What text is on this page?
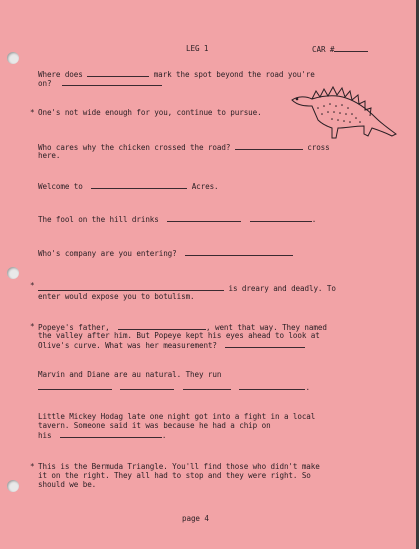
LEG 1	CAR #
Where does	mark the spot beyond the road you're
on?
* One's not wide enough for you, continue to pursue.
Who cares why the chicken crossed the road?	cross
here.
Welcome to	Acres.
The fool on the hill drinks	.
Who's company are you entering?
*	is dreary and deadly. To
enter would expose you to botulism.
* Popeye's father,	, went that way. They named
the valley after him. But Popeye kept his eyes ahead to look at
Olive's curve. What was her measurement?
Marvin and Diane are au natural. They run
.
Little Mickey Hodag late one night got into a fight in a local
tavern. Someone said it was because he had a chip on
his	.
* This is the Bermuda Triangle. You'll find those who didn't make
it on the right. They all had to stop and they were right. So
should we be.
page 4
